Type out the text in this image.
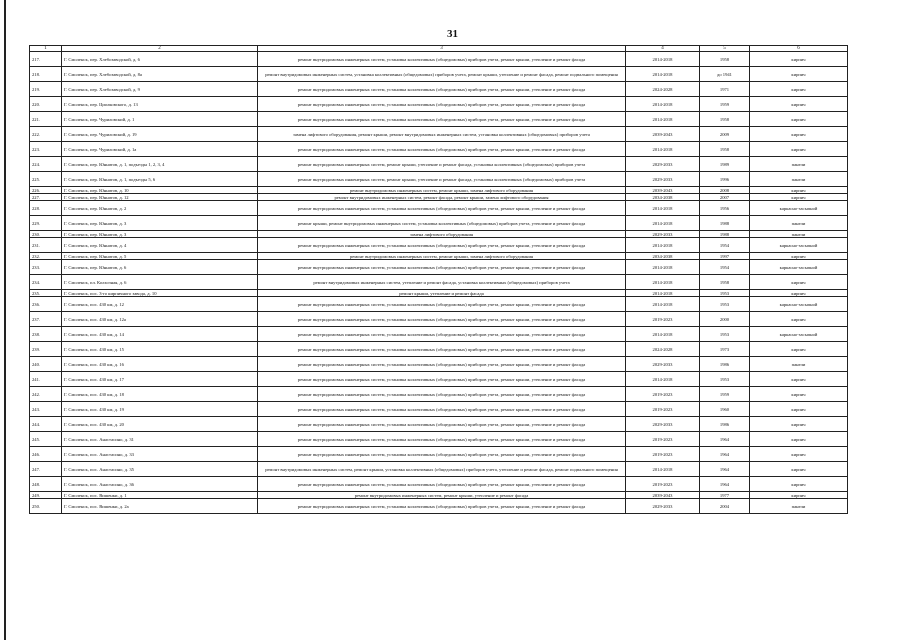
31
1	2	3	4	5	6
217.	Г. Смоленск, пер. Хлебозаводской, д. 6	ремонт внутридомовых инженерных систем, установка коллективных (общедомовых) приборов учета, ремонт крыши, утепление и ремонт фасада	2014-2018	1958	кирпич
218.	Г. Смоленск, пер. Хлебозаводской, д. 8а	ремонт внутридомовых инженерных систем, установка коллективных (общедомовых) приборов учета, ремонт крыши, утепление и ремонт фасада, ремонт подвального помещения	2014-2018	до 1941	кирпич
219.	Г. Смоленск, пер. Хлебозаводской, д. 9	ремонт внутридомовых инженерных систем, установка коллективных (общедомовых) приборов учета, ремонт крыши, утепление и ремонт фасада	2024-2028	1971	кирпич
220.	Г. Смоленск, пер. Циолковского, д. 13	ремонт внутридомовых инженерных систем, установка коллективных (общедомовых) приборов учета, ремонт крыши, утепление и ремонт фасада	2014-2018	1959	кирпич
221.	Г. Смоленск, пер. Чуриловский, д. 1	ремонт внутридомовых инженерных систем, установка коллективных (общедомовых) приборов учета, ремонт крыши, утепление и ремонт фасада	2014-2018	1958	кирпич
222.	Г. Смоленск, пер. Чуриловский, д. 19	замена лифтового оборудования, ремонт крыши, ремонт внутридомовых инженерных систем, установка коллективных (общедомовых) приборов учета	2039-2043	2009	кирпич
223.	Г. Смоленск, пер. Чуриловский, д. 1а	ремонт внутридомовых инженерных систем, установка коллективных (общедомовых) приборов учета, ремонт крыши, утепление и ремонт фасада	2014-2018	1958	кирпич
224.	Г. Смоленск, пер. Юннатов, д. 1, подъезды 1, 2, 3, 4	ремонт внутридомовых инженерных систем, ремонт крыши, утепление и ремонт фасада, установка коллективных (общедомовых) приборов учета	2029-2033	1989	панели
225.	Г. Смоленск, пер. Юннатов, д. 1, подъезды 5, 6	ремонт внутридомовых инженерных систем, ремонт крыши, утепление и ремонт фасада, установка коллективных (общедомовых) приборов учета	2029-2033	1996	панели
226.	Г. Смоленск, пер. Юннатов, д. 10	ремонт внутридомовых инженерных систем, ремонт крыши, замена лифтового оборудования	2039-2043	2008	кирпич
227.	Г. Смоленск, пер. Юннатов, д. 12	ремонт внутридомовых инженерных систем, ремонт фасада, ремонт крыши, замена лифтового оборудования	2034-2038	2007	кирпич
228.	Г. Смоленск, пер. Юннатов, д. 2	ремонт внутридомовых инженерных систем, установка коллективных (общедомовых) приборов учета, ремонт крыши, утепление и ремонт фасада	2014-2018	1956	каркасно-засыпной
229.	Г. Смоленск, пер. Юннатов, д. 3	ремонт крыши, ремонт внутридомовых инженерных систем, установка коллективных (общедомовых) приборов учета, утепление и ремонт фасада	2014-2018	1988	панели
230.	Г. Смоленск, пер. Юннатов, д. 3	замена лифтового оборудования	2029-2033	1988	панели
231.	Г. Смоленск, пер. Юннатов, д. 4	ремонт внутридомовых инженерных систем, установка коллективных (общедомовых) приборов учета, ремонт крыши, утепление и ремонт фасада	2014-2018	1954	каркасно-засыпной
232.	Г. Смоленск, пер. Юннатов, д. 5	ремонт внутридомовых инженерных систем, ремонт крыши, замена лифтового оборудования	2034-2038	1997	кирпич
233.	Г. Смоленск, пер. Юннатов, д. 6	ремонт внутридомовых инженерных систем, установка коллективных (общедомовых) приборов учета, ремонт крыши, утепление и ремонт фасада	2014-2018	1954	каркасно-засыпной
234.	Г. Смоленск, пл. Колхозная, д. 6	ремонт внутридомовых инженерных систем, утепление и ремонт фасада, установка коллективных (общедомовых) приборов учета	2014-2018	1958	кирпич
235.	Г. Смоленск, пос. 3-го кирпичного завода, д. 10	ремонт крыши, утепление и ремонт фасада	2014-2018	1953	кирпич
236.	Г. Смоленск, пос. 430 км, д. 12	ремонт внутридомовых инженерных систем, установка коллективных (общедомовых) приборов учета, ремонт крыши, утепление и ремонт фасада	2014-2018	1953	каркасно-засыпной
237.	Г. Смоленск, пос. 430 км, д. 12а	ремонт внутридомовых инженерных систем, установка коллективных (общедомовых) приборов учета, ремонт крыши, утепление и ремонт фасада	2019-2023	2000	кирпич
238.	Г. Смоленск, пос. 430 км, д. 14	ремонт внутридомовых инженерных систем, установка коллективных (общедомовых) приборов учета, ремонт крыши, утепление и ремонт фасада	2014-2018	1953	каркасно-засыпной
239.	Г. Смоленск, пос. 430 км, д. 15	ремонт внутридомовых инженерных систем, установка коллективных (общедомовых) приборов учета, ремонт крыши, утепление и ремонт фасада	2024-2028	1973	кирпич
240.	Г. Смоленск, пос. 430 км, д. 16	ремонт внутридомовых инженерных систем, установка коллективных (общедомовых) приборов учета, ремонт крыши, утепление и ремонт фасада	2029-2033	1986	панели
241.	Г. Смоленск, пос. 430 км, д. 17	ремонт внутридомовых инженерных систем, установка коллективных (общедомовых) приборов учета, ремонт крыши, утепление и ремонт фасада	2014-2018	1953	кирпич
242.	Г. Смоленск, пос. 430 км, д. 18	ремонт внутридомовых инженерных систем, установка коллективных (общедомовых) приборов учета, ремонт крыши, утепление и ремонт фасада	2019-2023	1959	кирпич
243.	Г. Смоленск, пос. 430 км, д. 19	ремонт внутридомовых инженерных систем, установка коллективных (общедомовых) приборов учета, ремонт крыши, утепление и ремонт фасада	2019-2023	1960	кирпич
244.	Г. Смоленск, пос. 430 км, д. 20	ремонт внутридомовых инженерных систем, установка коллективных (общедомовых) приборов учета, ремонт крыши, утепление и ремонт фасада	2029-2033	1986	кирпич
245.	Г. Смоленск, пос. Анастасино, д. 31	ремонт внутридомовых инженерных систем, установка коллективных (общедомовых) приборов учета, ремонт крыши, утепление и ремонт фасада	2019-2023	1964	кирпич
246.	Г. Смоленск, пос. Анастасино, д. 33	ремонт внутридомовых инженерных систем, установка коллективных (общедомовых) приборов учета, ремонт крыши, утепление и ремонт фасада	2019-2023	1964	кирпич
247.	Г. Смоленск, пос. Анастасино, д. 35	ремонт внутридомовых инженерных систем, ремонт крыши, установка коллективных (общедомовых) приборов учета, утепление и ремонт фасада, ремонт подвального помещения	2014-2018	1964	кирпич
248.	Г. Смоленск, пос. Анастасино, д. 36	ремонт внутридомовых инженерных систем, установка коллективных (общедомовых) приборов учета, ремонт крыши, утепление и ремонт фасада	2019-2023	1964	кирпич
249.	Г. Смоленск, пос. Вишенки, д. 1	ремонт внутридомовых инженерных систем, ремонт крыши, утепление и ремонт фасада	2039-2043	1977	кирпич
250.	Г. Смоленск, пос. Вишенки, д. 2а	ремонт внутридомовых инженерных систем, установка коллективных (общедомовых) приборов учета, ремонт крыши, утепление и ремонт фасада	2029-2033	2004	панели
